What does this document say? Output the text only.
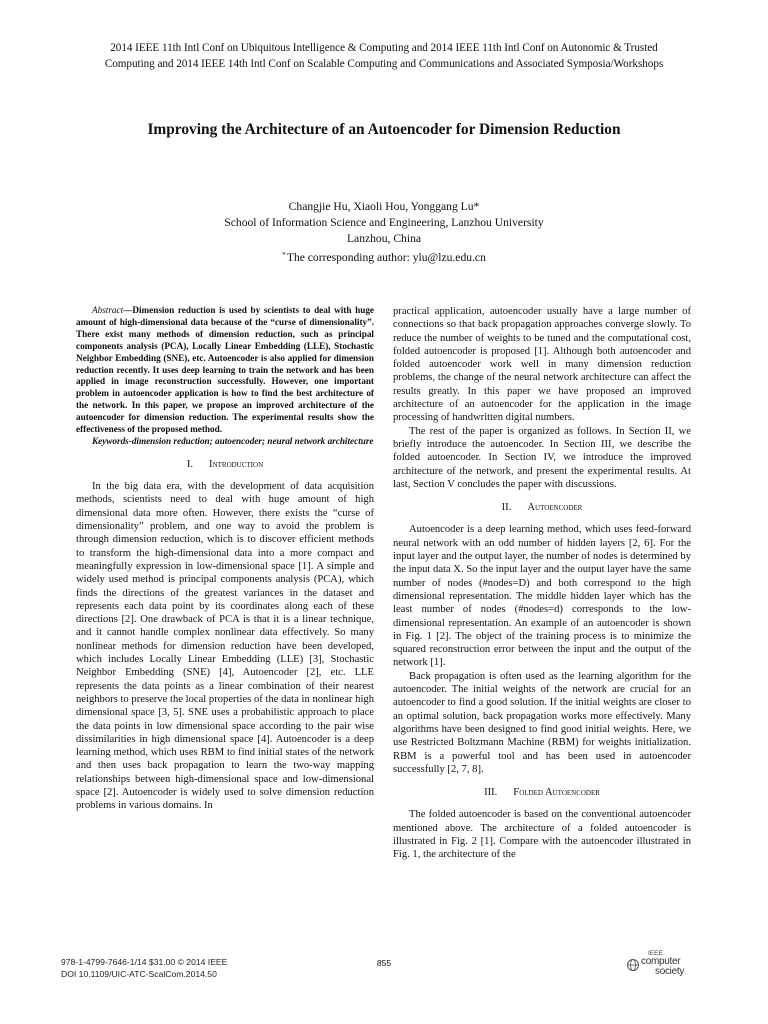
2014 IEEE 11th Intl Conf on Ubiquitous Intelligence & Computing and 2014 IEEE 11th Intl Conf on Autonomic & Trusted
Computing and 2014 IEEE 14th Intl Conf on Scalable Computing and Communications and Associated Symposia/Workshops
Improving the Architecture of an Autoencoder for Dimension Reduction
Changjie Hu, Xiaoli Hou, Yonggang Lu*
School of Information Science and Engineering, Lanzhou University
Lanzhou, China
*The corresponding author: ylu@lzu.edu.cn

Abstract—Dimension reduction is used by scientists to deal with huge amount of high-dimensional data because of the “curse of dimensionality”. There exist many methods of dimension reduction, such as principal components analysis (PCA), Locally Linear Embedding (LLE), Stochastic Neighbor Embedding (SNE), etc. Autoencoder is also applied for dimension reduction recently. It uses deep learning to train the network and has been applied in image reconstruction successfully. However, one important problem in autoencoder application is how to find the best architecture of the network. In this paper, we propose an improved architecture of the autoencoder for dimension reduction. The experimental results show the effectiveness of the proposed method.

Keywords-dimension reduction; autoencoder; neural network architecture

I. Introduction

In the big data era, with the development of data acquisition methods, scientists need to deal with huge amount of high dimensional data more often. However, there exists the “curse of dimensionality” problem, and one way to avoid the problem is through dimension reduction, which is to discover efficient methods to transform the high-dimensional data into a more compact and meaningfully expression in low-dimensional space [1]. A simple and widely used method is principal components analysis (PCA), which finds the directions of the greatest variances in the dataset and represents each data point by its coordinates along each of these directions [2]. One drawback of PCA is that it is a linear technique, and it cannot handle complex nonlinear data effectively. So many nonlinear methods for dimension reduction have been developed, which includes Locally Linear Embedding (LLE) [3], Stochastic Neighbor Embedding (SNE) [4], Autoencoder [2], etc. LLE represents the data points as a linear combination of their nearest neighbors to preserve the local properties of the data in nonlinear high dimensional space [3, 5]. SNE uses a probabilistic approach to place the data points in low dimensional space according to the pair wise dissimilarities in high dimensional space [4]. Autoencoder is a deep learning method, which uses RBM to find initial states of the network and then uses back propagation to learn the two-way mapping relationships between high-dimensional space and low-dimensional space [2]. Autoencoder is widely used to solve dimension reduction problems in various domains. In

practical application, autoencoder usually have a large number of connections so that back propagation approaches converge slowly. To reduce the number of weights to be tuned and the computational cost, folded autoencoder is proposed [1]. Although both autoencoder and folded autoencoder work well in many dimension reduction problems, the change of the neural network architecture can affect the results greatly. In this paper we have proposed an improved architecture of an autoencoder for the application in the image processing of handwritten digital numbers.

The rest of the paper is organized as follows. In Section II, we briefly introduce the autoencoder. In Section III, we describe the folded autoencoder. In Section IV, we introduce the improved architecture of the network, and present the experimental results. At last, Section V concludes the paper with discussions.

II. Autoencoder

Autoencoder is a deep learning method, which uses feed-forward neural network with an odd number of hidden layers [2, 6]. For the input layer and the output layer, the number of nodes is determined by the input data X. So the input layer and the output layer have the same number of nodes (#nodes=D) and both correspond to the high dimensional representation. The middle hidden layer which has the least number of nodes (#nodes=d) corresponds to the low-dimensional representation. An example of an autoencoder is shown in Fig. 1 [2]. The object of the training process is to minimize the squared reconstruction error between the input and the output of the network [1].

Back propagation is often used as the learning algorithm for the autoencoder. The initial weights of the network are crucial for an autoencoder to find a good solution. If the initial weights are closer to an optimal solution, back propagation works more effectively. Many algorithms have been designed to find good initial weights. Here, we use Restricted Boltzmann Machine (RBM) for weights initialization. RBM is a powerful tool and has been used in autoencoder successfully [2, 7, 8].

III. Folded Autoencoder

The folded autoencoder is based on the conventional autoencoder mentioned above. The architecture of a folded autoencoder is illustrated in Fig. 2 [1]. Compare with the autoencoder illustrated in Fig. 1, the architecture of the

978-1-4799-7646-1/14 $31.00 © 2014 IEEE
DOI 10.1109/UIC-ATC-ScalCom.2014.50
855
IEEE
computer
society
